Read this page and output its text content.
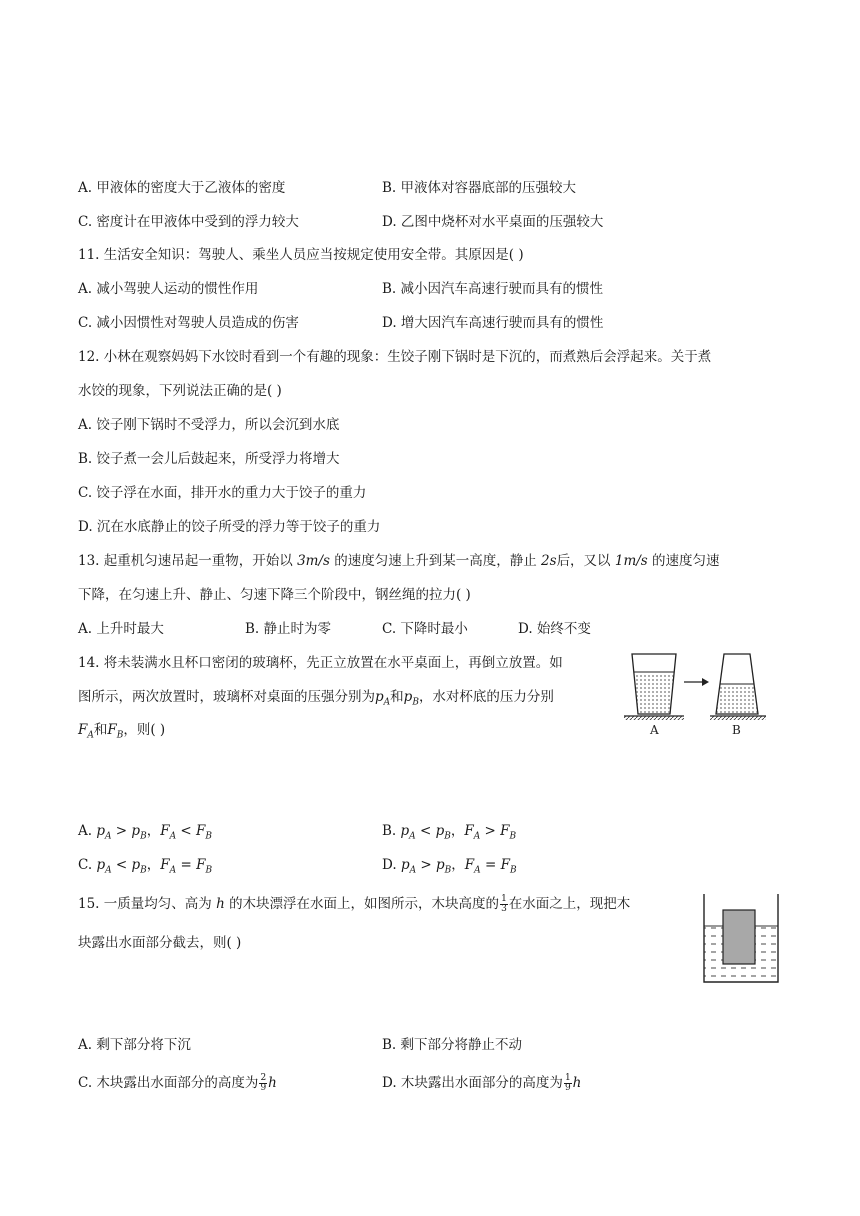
A. 甲液体的密度大于乙液体的密度	B. 甲液体对容器底部的压强较大
C. 密度计在甲液体中受到的浮力较大	D. 乙图中烧杯对水平桌面的压强较大
11. 生活安全知识：驾驶人、乘坐人员应当按规定使用安全带。其原因是( )
A. 减小驾驶人运动的惯性作用	B. 减小因汽车高速行驶而具有的惯性
C. 减小因惯性对驾驶人员造成的伤害	D. 增大因汽车高速行驶而具有的惯性
12. 小林在观察妈妈下水饺时看到一个有趣的现象：生饺子刚下锅时是下沉的，而煮熟后会浮起来。关于煮
水饺的现象，下列说法正确的是( )
A. 饺子刚下锅时不受浮力，所以会沉到水底
B. 饺子煮一会儿后鼓起来，所受浮力将增大
C. 饺子浮在水面，排开水的重力大于饺子的重力
D. 沉在水底静止的饺子所受的浮力等于饺子的重力
13. 起重机匀速吊起一重物，开始以 3m/s 的速度匀速上升到某一高度，静止 2s后，又以 1m/s 的速度匀速
下降，在匀速上升、静止、匀速下降三个阶段中，钢丝绳的拉力( )
A. 上升时最大	B. 静止时为零	C. 下降时最小	D. 始终不变
14. 将未装满水且杯口密闭的玻璃杯，先正立放置在水平桌面上，再倒立放置。如
图所示，两次放置时，玻璃杯对桌面的压强分别为$p_A$和$p_B$，水对杯底的压力分别
$F_A$和$F_B$，则( )	A	B
A. $p_A > p_B$，$F_A < F_B$	B. $p_A < p_B$，$F_A > F_B$
C. $p_A < p_B$，$F_A = F_B$	D. $p_A > p_B$，$F_A = F_B$
15. 一质量均匀、高为 h 的木块漂浮在水面上，如图所示，木块高度的 $\frac{1}{3}$ 在水面之上，现把木
块露出水面部分截去，则( )
A. 剩下部分将下沉	B. 剩下部分将静止不动
C. 木块露出水面部分的高度为 $\frac{2}{9}$ h	D. 木块露出水面部分的高度为 $\frac{1}{9}$ h
